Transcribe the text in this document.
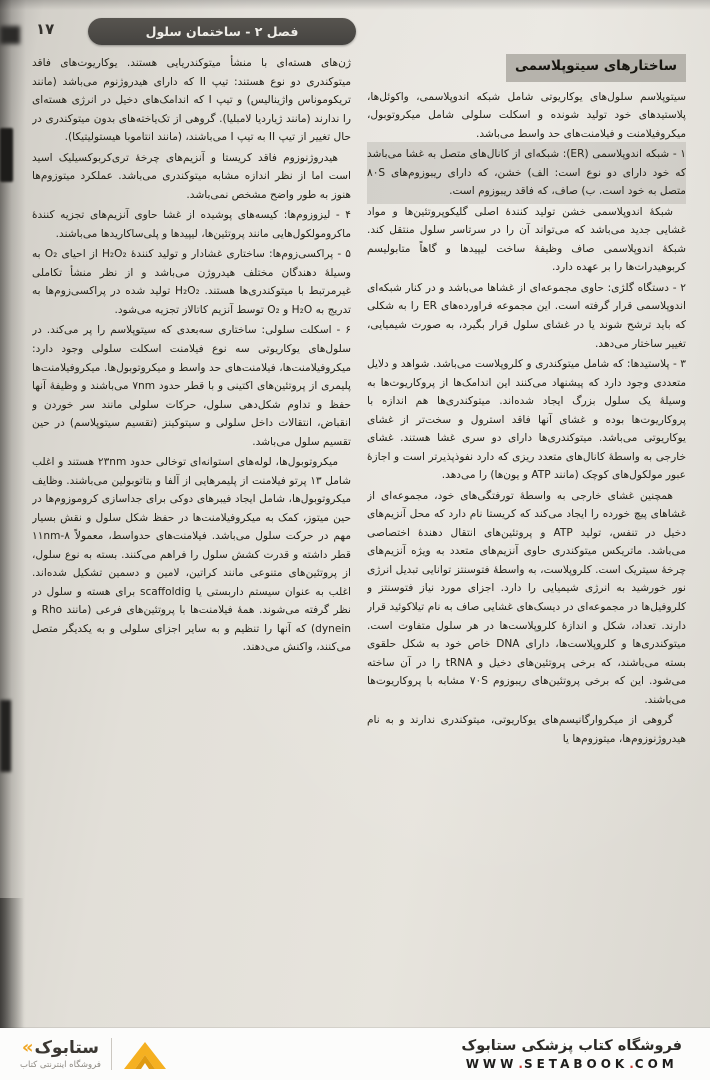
۱۷	فصل ۲ - ساختمان سلول
ساختارهای سیتوپلاسمی

سیتوپلاسم سلول‌های یوکاریوتی شامل شبکه اندوپلاسمی، واکوئل‌ها، پلاستیدهای خود تولید شونده و اسکلت سلولی شامل میکروتوبول، میکروفیلامنت و فیلامنت‌های حد واسط می‌باشد.

۱ - شبکه اندوپلاسمی (ER): شبکه‌ای از کانال‌های متصل به غشا می‌باشد که خود دارای دو نوع است: الف) خشن، که دارای ریبوزوم‌های ۸۰S متصل به خود است. ب) صاف، که فاقد ریبوزوم است.

شبکهٔ اندوپلاسمی خشن تولید کنندهٔ اصلی گلیکوپروتئین‌ها و مواد غشایی جدید می‌باشد که می‌تواند آن را در سرتاسر سلول منتقل کند. شبکهٔ اندوپلاسمی صاف وظیفهٔ ساخت لیپیدها و گاهاً متابولیسم کربوهیدرات‌ها را بر عهده دارد.

۲ - دستگاه گلژی: حاوی مجموعه‌ای از غشاها می‌باشد و در کنار شبکه‌ای اندوپلاسمی قرار گرفته است. این مجموعه فراورده‌های ER را به شکلی که باید ترشح شوند یا در غشای سلول قرار بگیرد، به صورت شیمیایی، تغییر ساختار می‌دهد.

۳ - پلاستیدها: که شامل میتوکندری و کلروپلاست می‌باشد. شواهد و دلایل متعددی وجود دارد که پیشنهاد می‌کنند این اندامک‌ها از پروکاریوت‌ها به وسیلهٔ یک سلول بزرگ ایجاد شده‌اند. میتوکندری‌ها هم اندازه با پروکاریوت‌ها بوده و غشای آنها فاقد استرول و سخت‌تر از غشای یوکاریوتی می‌باشد. میتوکندری‌ها دارای دو سری غشا هستند. غشای خارجی به واسطهٔ کانال‌های متعدد ریزی که دارد نفوذپذیرتر است و اجازهٔ عبور مولکول‌های کوچک (مانند ATP و یون‌ها) را می‌دهد.

همچنین غشای خارجی به واسطهٔ تورفتگی‌های خود، مجموعه‌ای از غشاهای پیچ خورده را ایجاد می‌کند که کریستا نام دارد که محل آنزیم‌های دخیل در تنفس، تولید ATP و پروتئین‌های انتقال دهندهٔ اختصاصی می‌باشد. ماتریکس میتوکندری حاوی آنزیم‌های متعدد به ویژه آنزیم‌های چرخهٔ سیتریک است. کلروپلاست، به واسطهٔ فتوسنتز توانایی تبدیل انرژی نور خورشید به انرژی شیمیایی را دارد. اجزای مورد نیاز فتوسنتز و کلروفیل‌ها در مجموعه‌ای در دیسک‌های غشایی صاف به نام تیلاکوئید قرار دارند. تعداد، شکل و اندازهٔ کلروپلاست‌ها در هر سلول متفاوت است. میتوکندری‌ها و کلروپلاست‌ها، دارای DNA خاص خود به شکل حلقوی بسته می‌باشند، که برخی پروتئین‌های دخیل و tRNA را در آن ساخته می‌شود. این که برخی پروتئین‌های ریبوزوم ۷۰S مشابه با پروکاریوت‌ها می‌باشند.

گروهی از میکروارگانیسم‌های یوکاریوتی، میتوکندری ندارند و به نام هیدروژنوزوم‌ها، میتوزوم‌ها یا

ژن‌های هسته‌ای با منشأ میتوکندریایی هستند. یوکاریوت‌های فاقد میتوکندری دو نوع هستند: تیپ II که دارای هیدروژنوم می‌باشد (مانند تریکوموناس واژینالیس) و تیپ I که اندامک‌های دخیل در انرژی هسته‌ای را ندارند (مانند ژیاردیا لامبلیا). گروهی از تک‌یاخته‌های بدون میتوکندری در حال تغییر از تیپ II به تیپ I می‌باشند، (مانند انتاموبا هیستولیتیکا).

هیدروژنوزوم فاقد کریستا و آنزیم‌های چرخهٔ تری‌کربوکسیلیک اسید است اما از نظر اندازه مشابه میتوکندری می‌باشد. عملکرد میتوزوم‌ها هنوز به طور واضح مشخص نمی‌باشد.

۴ - لیزوزوم‌ها: کیسه‌های پوشیده از غشا حاوی آنزیم‌های تجزیه کنندهٔ ماکرومولکول‌هایی مانند پروتئین‌ها، لیپیدها و پلی‌ساکاریدها می‌باشند.

۵ - پراکسی‌زوم‌ها: ساختاری غشادار و تولید کنندهٔ H₂O₂ از احیای O₂ به وسیلهٔ دهندگان مختلف هیدروژن می‌باشد و از نظر منشأ تکاملی غیرمرتبط با میتوکندری‌ها هستند. H₂O₂ تولید شده در پراکسی‌زوم‌ها به تدریج به H₂O و O₂ توسط آنزیم کاتالاز تجزیه می‌شود.

۶ - اسکلت سلولی: ساختاری سه‌بعدی که سیتوپلاسم را پر می‌کند. در سلول‌های یوکاریوتی سه نوع فیلامنت اسکلت سلولی وجود دارد: میکروفیلامنت‌ها، فیلامنت‌های حد واسط و میکروتوبول‌ها. میکروفیلامنت‌ها پلیمری از پروتئین‌های اکتینی و با قطر حدود ۷nm می‌باشند و وظیفهٔ آنها حفظ و تداوم شکل‌دهی سلول، حرکات سلولی مانند سر خوردن و انقباض، انتقالات داخل سلولی و سیتوکینز (تقسیم سیتوپلاسم) در حین تقسیم سلول می‌باشد.

میکروتوبول‌ها، لوله‌های استوانه‌ای توخالی حدود ۲۳nm هستند و اغلب شامل ۱۳ پرتو فیلامنت از پلیمرهایی از آلفا و بتاتوبولین می‌باشند. وظایف میکروتوبول‌ها، شامل ایجاد فیبرهای دوکی برای جداسازی کروموزوم‌ها در حین میتوز، کمک به میکروفیلامنت‌ها در حفظ شکل سلول و نقش بسیار مهم در حرکت سلول می‌باشد. فیلامنت‌های حدواسط، معمولاً ۸-۱۱nm قطر داشته و قدرت کشش سلول را فراهم می‌کنند. بسته به نوع سلول، از پروتئین‌های متنوعی مانند کراتین، لامین و دسمین تشکیل شده‌اند. اغلب به عنوان سیستم داربستی یا scaffoldig برای هسته و سلول در نظر گرفته می‌شوند. همهٔ فیلامنت‌ها با پروتئین‌های فرعی (مانند Rho و dynein) که آنها را تنظیم و به سایر اجزای سلولی و به یکدیگر متصل می‌کنند، واکنش می‌دهند.

فروشگاه کتاب پزشکی ستابوک
WWW.SETABOOK.COM
«ستابوک
فروشگاه اینترنتی کتاب
